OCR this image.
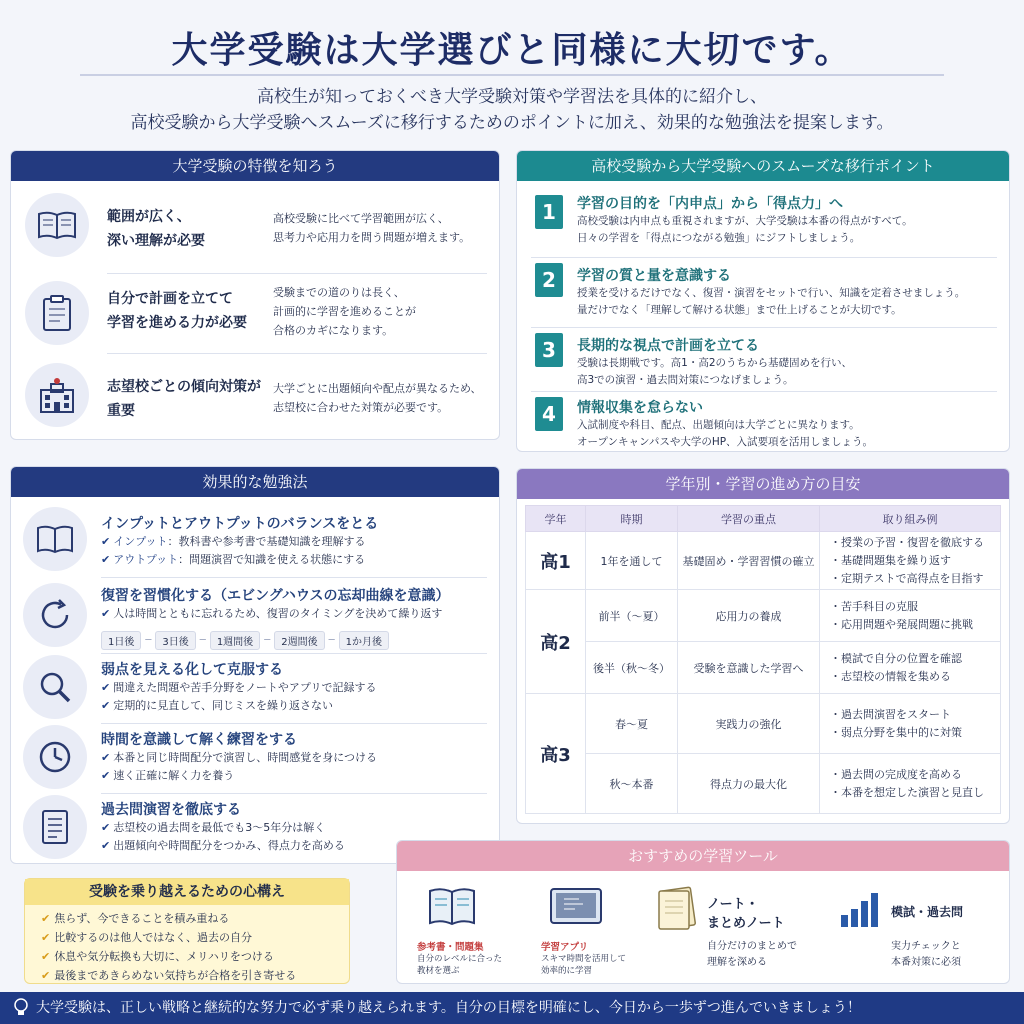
大学受験は大学選びと同様に大切です。
高校生が知っておくべき大学受験対策や学習法を具体的に紹介し、
高校受験から大学受験へスムーズに移行するためのポイントに加え、効果的な勉強法を提案します。
大学受験の特徴を知ろう
範囲が広く、
深い理解が必要
高校受験に比べて学習範囲が広く、
思考力や応用力を問う問題が増えます。
自分で計画を立てて
学習を進める力が必要
受験までの道のりは長く、
計画的に学習を進めることが
合格のカギになります。
志望校ごとの傾向対策が
重要
大学ごとに出題傾向や配点が異なるため、
志望校に合わせた対策が必要です。
高校受験から大学受験へのスムーズな移行ポイント
1	学習の目的を「内申点」から「得点力」へ
高校受験は内申点も重視されますが、大学受験は本番の得点がすべて。
日々の学習を「得点につながる勉強」にジフトしましょう。
2	学習の質と量を意識する
授業を受けるだけでなく、復習・演習をセットで行い、知識を定着させましょう。
量だけでなく「理解して解ける状態」まで仕上げることが大切です。
3	長期的な視点で計画を立てる
受験は長期戦です。高1・高2のうちから基礎固めを行い、
高3での演習・過去問対策につなげましょう。
4	情報収集を怠らない
入試制度や科目、配点、出題傾向は大学ごとに異なります。
オープンキャンパスや大学のHP、入試要項を活用しましょう。
効果的な勉強法
インプットとアウトプットのバランスをとる
✔ インプット：教科書や参考書で基礎知識を理解する
✔ アウトプット：問題演習で知識を使える状態にする
復習を習慣化する（エビングハウスの忘却曲線を意識）
✔ 人は時間とともに忘れるため、復習のタイミングを決めて繰り返す
1日後	─	3日後	─	1週間後	─	2週間後	─	1か月後
弱点を見える化して克服する
✔ 間違えた問題や苦手分野をノートやアプリで記録する
✔ 定期的に見直して、同じミスを繰り返さない
時間を意識して解く練習をする
✔ 本番と同じ時間配分で演習し、時間感覚を身につける
✔ 速く正確に解く力を養う
過去問演習を徹底する
✔ 志望校の過去問を最低でも3～5年分は解く
✔ 出題傾向や時間配分をつかみ、得点力を高める
学年別・学習の進め方の目安
学年	時期	学習の重点	取り組み例
高1	1年を通して	基礎固め・学習習慣の確立	・授業の予習・復習を徹底する
・基礎問題集を繰り返す
・定期テストで高得点を目指す

高2	前半（～夏）	応用力の養成	・苦手科目の克服
・応用問題や発展問題に挑戦

	後半（秋～冬）	受験を意識した学習へ	・模試で自分の位置を確認
・志望校の情報を集める

高3	春～夏	実践力の強化	・過去問演習をスタート
・弱点分野を集中的に対策

	秋～本番	得点力の最大化	・過去問の完成度を高める
・本番を想定した演習と見直し
おすすめの学習ツール
参考書・問題集
自分のレベルに合った
教材を選ぶ
学習アプリ
スキマ時間を活用して
効率的に学習
ノート・
まとめノート
自分だけのまとめで
理解を深める
模試・過去問
実力チェックと
本番対策に必須
受験を乗り越えるための心構え
✔ 焦らず、今できることを積み重ねる
✔ 比較するのは他人ではなく、過去の自分
✔ 休息や気分転換も大切に、メリハリをつける
✔ 最後まであきらめない気持ちが合格を引き寄せる
大学受験は、正しい戦略と継続的な努力で必ず乗り越えられます。自分の目標を明確にし、今日から一歩ずつ進んでいきましょう！
